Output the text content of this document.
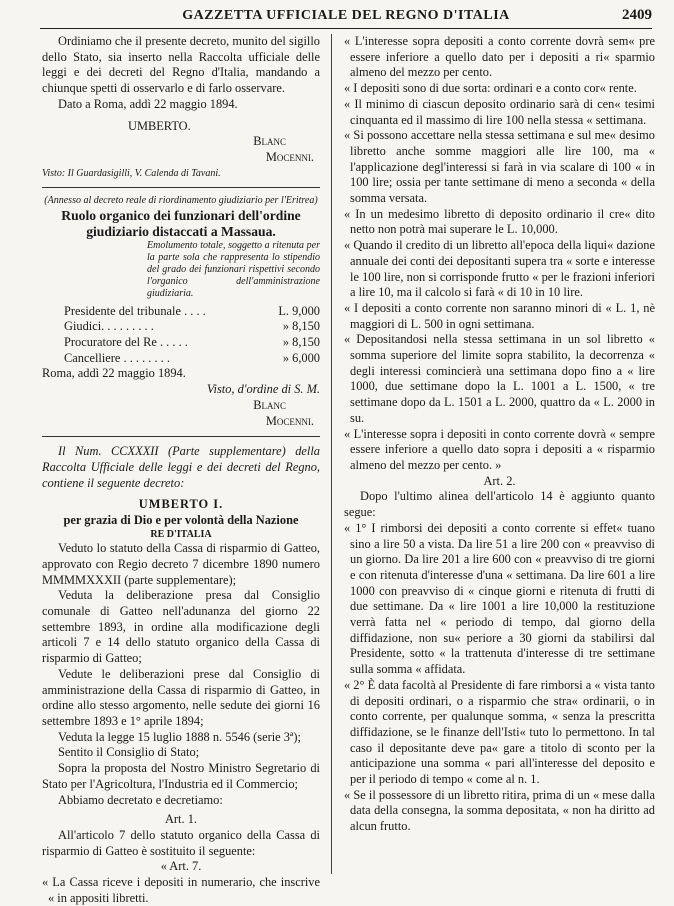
GAZZETTA UFFICIALE DEL REGNO D'ITALIA	2409

Ordiniamo che il presente decreto, munito del sigillo dello Stato, sia inserto nella Raccolta ufficiale delle leggi e dei decreti del Regno d'Italia, mandando a chiunque spetti di osservarlo e di farlo osservare.

Dato a Roma, addì 22 maggio 1894.

UMBERTO.

Blanc

Mocenni.

Visto: Il Guardasigilli, V. Calenda di Tavani.

(Annesso al decreto reale di riordinamento giudiziario per l'Eritrea)

Ruolo organico dei funzionari dell'ordine giudiziario distaccati a Massaua.

Emolumento totale, soggetto a ritenuta per la parte sola che rappresenta lo stipendio del grado dei funzionari rispettivi secondo l'organico dell'amministrazione giudiziaria.

Presidente del tribunale . . . .	L. 9,000
Giudici. . . . . . . . .	» 8,150
Procuratore del Re . . . . .	» 8,150
Cancelliere . . . . . . . .	» 6,000

Roma, addì 22 maggio 1894.

Visto, d'ordine di S. M.

Blanc

Mocenni.

Il Num. CCXXXII (Parte supplementare) della Raccolta Ufficiale delle leggi e dei decreti del Regno, contiene il seguente decreto:

UMBERTO I.

per grazia di Dio e per volontà della Nazione

RE D'ITALIA

Veduto lo statuto della Cassa di risparmio di Gatteo, approvato con Regio decreto 7 dicembre 1890 numero MMMMXXXII (parte supplementare);

Veduta la deliberazione presa dal Consiglio comunale di Gatteo nell'adunanza del giorno 22 settembre 1893, in ordine alla modificazione degli articoli 7 e 14 dello statuto organico della Cassa di risparmio di Gatteo;

Vedute le deliberazioni prese dal Consiglio di amministrazione della Cassa di risparmio di Gatteo, in ordine allo stesso argomento, nelle sedute dei giorni 16 settembre 1893 e 1° aprile 1894;

Veduta la legge 15 luglio 1888 n. 5546 (serie 3ª);

Sentito il Consiglio di Stato;

Sopra la proposta del Nostro Ministro Segretario di Stato per l'Agricoltura, l'Industria ed il Commercio;

Abbiamo decretato e decretiamo:

Art. 1.

All'articolo 7 dello statuto organico della Cassa di risparmio di Gatteo è sostituito il seguente:

« Art. 7.

« La Cassa riceve i depositi in numerario, che inscrive « in appositi libretti.

« L'interesse sopra depositi a conto corrente dovrà sem« pre essere inferiore a quello dato per i depositi a ri« sparmio almeno del mezzo per cento.

« I depositi sono di due sorta: ordinari e a conto cor« rente.

« Il minimo di ciascun deposito ordinario sarà di cen« tesimi cinquanta ed il massimo di lire 100 nella stessa « settimana.

« Si possono accettare nella stessa settimana e sul me« desimo libretto anche somme maggiori alle lire 100, ma « l'applicazione degl'interessi si farà in via scalare di 100 « in 100 lire; ossia per tante settimane di meno a seconda « della somma versata.

« In un medesimo libretto di deposito ordinario il cre« dito netto non potrà mai superare le L. 10,000.

« Quando il credito di un libretto all'epoca della liqui« dazione annuale dei conti dei depositanti supera tra « sorte e interesse le 100 lire, non si corrisponde frutto « per le frazioni inferiori a lire 10, ma il calcolo si farà « di 10 in 10 lire.

« I depositi a conto corrente non saranno minori di « L. 1, nè maggiori di L. 500 in ogni settimana.

« Depositandosi nella stessa settimana in un sol libretto « somma superiore del limite sopra stabilito, la decorrenza « degli interessi comincierà una settimana dopo fino a « lire 1000, due settimane dopo la L. 1001 a L. 1500, « tre settimane dopo da L. 1501 a L. 2000, quattro da « L. 2000 in su.

« L'interesse sopra i depositi in conto corrente dovrà « sempre essere inferiore a quello dato sopra i depositi a « risparmio almeno del mezzo per cento. »

Art. 2.

Dopo l'ultimo alinea dell'articolo 14 è aggiunto quanto segue:

« 1° I rimborsi dei depositi a conto corrente si effet« tuano sino a lire 50 a vista. Da lire 51 a lire 200 con « preavviso di un giorno. Da lire 201 a lire 600 con « preavviso di tre giorni e con ritenuta d'interesse d'una « settimana. Da lire 601 a lire 1000 con preavviso di « cinque giorni e ritenuta di frutti di due settimane. Da « lire 1001 a lire 10,000 la restituzione verrà fatta nel « periodo di tempo, dal giorno della diffidazione, non su« periore a 30 giorni da stabilirsi dal Presidente, sotto « la trattenuta d'interesse di tre settimane sulla somma « affidata.

« 2° È data facoltà al Presidente di fare rimborsi a « vista tanto di depositi ordinari, o a risparmio che stra« ordinarii, o in conto corrente, per qualunque somma, « senza la prescritta diffidazione, se le finanze dell'Isti« tuto lo permettono. In tal caso il depositante deve pa« gare a titolo di sconto per la anticipazione una somma « pari all'interesse del deposito e per il periodo di tempo « come al n. 1.

« Se il possessore di un libretto ritira, prima di un « mese dalla data della consegna, la somma depositata, « non ha diritto ad alcun frutto.
